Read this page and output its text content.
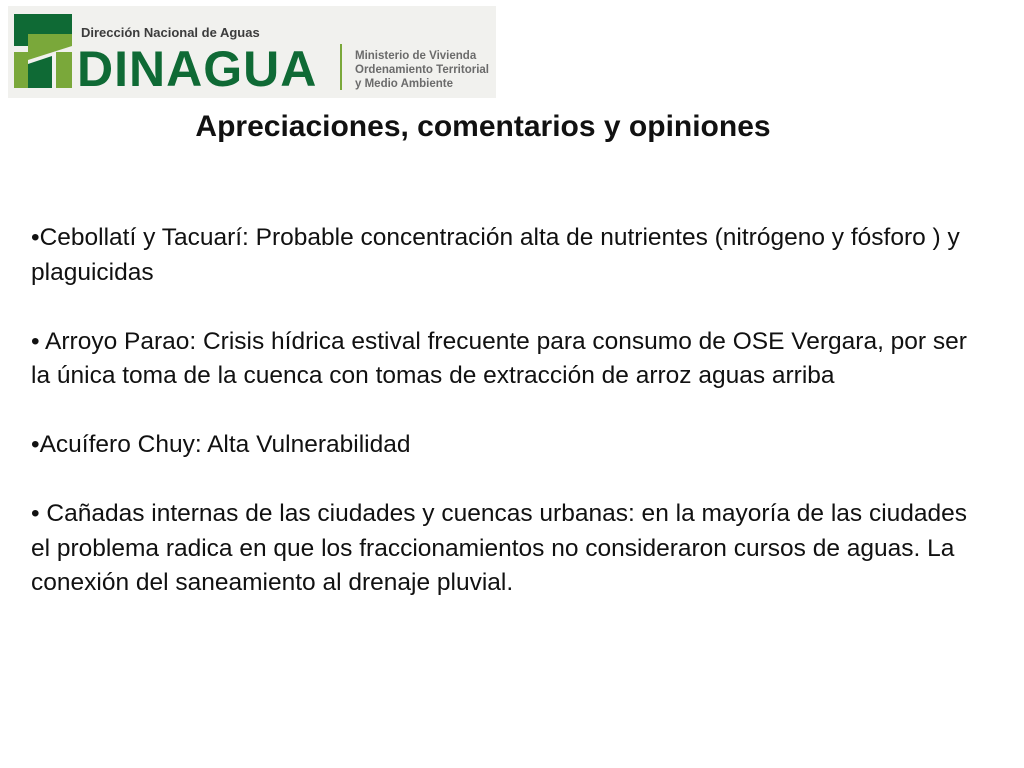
Dirección Nacional de Aguas
DINAGUA	Ministerio de Vivienda
Ordenamiento Territorial
y Medio Ambiente
Apreciaciones, comentarios y opiniones

•Cebollatí y Tacuarí: Probable concentración alta de nutrientes (nitrógeno y fósforo ) y plaguicidas

• Arroyo Parao: Crisis hídrica estival frecuente para consumo de OSE Vergara, por ser la única toma de la cuenca con tomas de extracción de arroz aguas arriba

•Acuífero Chuy: Alta Vulnerabilidad

• Cañadas internas de las ciudades y cuencas urbanas: en la mayoría de las ciudades el problema radica en que los fraccionamientos no consideraron cursos de aguas. La conexión del saneamiento al drenaje pluvial.
